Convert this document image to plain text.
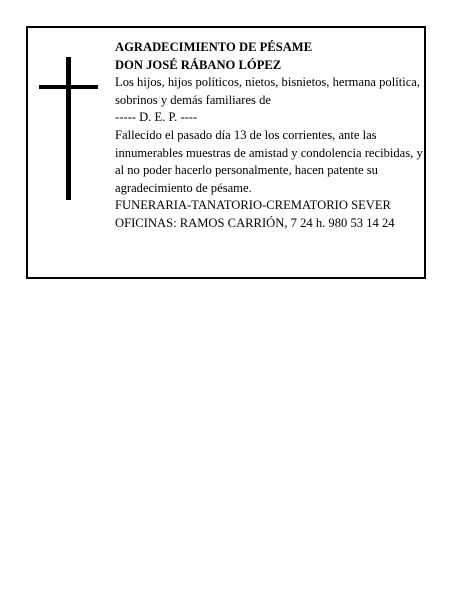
AGRADECIMIENTO DE PÉSAME

DON JOSÉ RÁBANO LÓPEZ

Los hijos, hijos políticos, nietos, bisnietos, hermana política, sobrinos y demás familiares de

----- D. E. P. ----

Fallecido el pasado día 13 de los corrientes, ante las innumerables muestras de amistad y condolencia recibidas, y al no poder hacerlo personalmente, hacen patente su agradecimiento de pésame.

FUNERARIA-TANATORIO-CREMATORIO SEVER

OFICINAS: RAMOS CARRIÓN, 7 24 h. 980 53 14 24
